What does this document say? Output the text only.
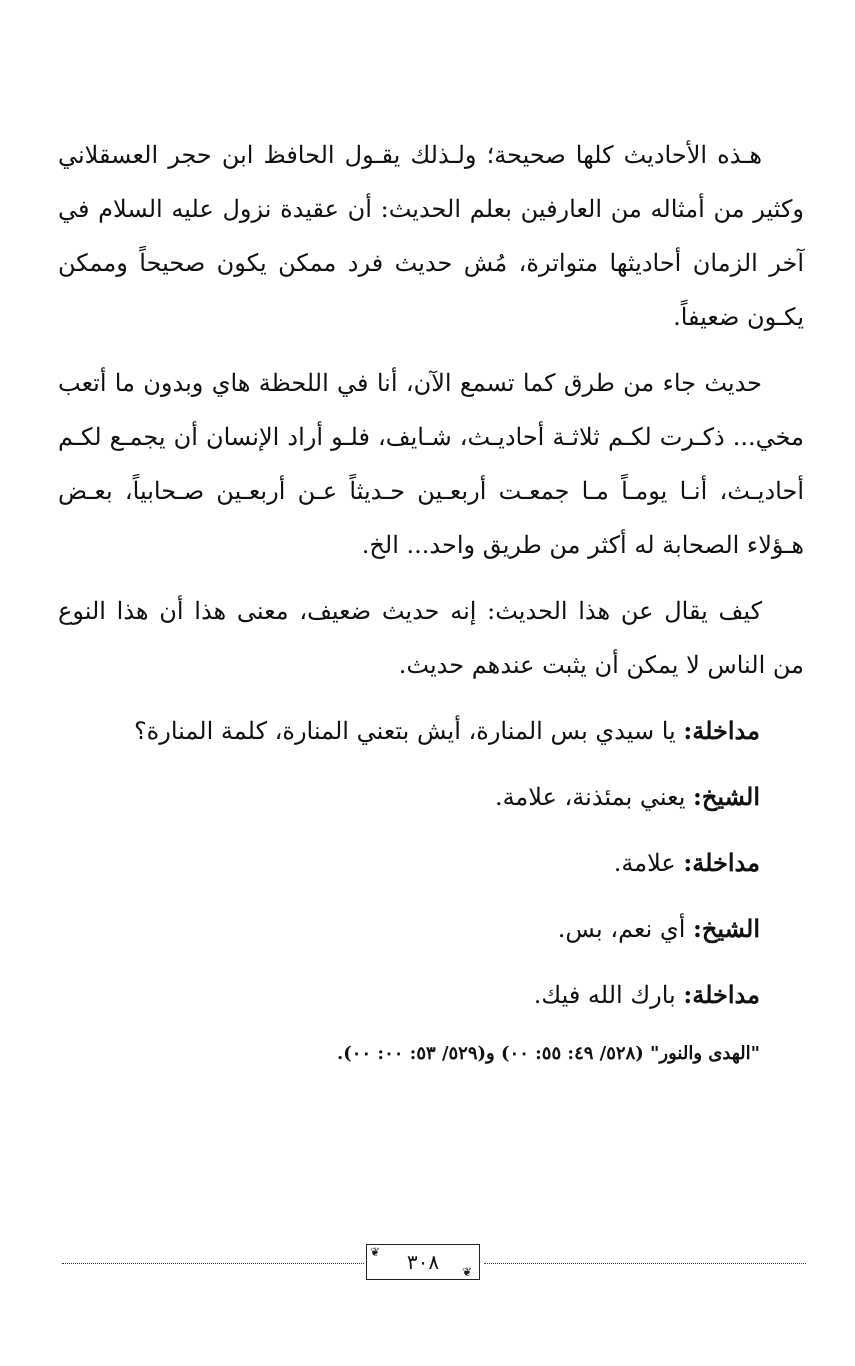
هـذه الأحاديث كلها صحيحة؛ ولـذلك يقـول الحافظ ابن حجر العسقلاني وكثير من أمثاله من العارفين بعلم الحديث: أن عقيدة نزول عليه السلام في آخر الزمان أحاديثها متواترة، مُش حديث فرد ممكن يكون صحيحاً وممكن يكـون ضعيفاً.

حديث جاء من طرق كما تسمع الآن، أنا في اللحظة هاي وبدون ما أتعب مخي... ذكـرت لكـم ثلاثـة أحاديـث، شـايف، فلـو أراد الإنسان أن يجمـع لكـم أحاديـث، أنـا يومـاً مـا جمعـت أربعـين حـديثاً عـن أربعـين صـحابياً، بعـض هـؤلاء الصحابة له أكثر من طريق واحد... الخ.

كيف يقال عن هذا الحديث: إنه حديث ضعيف، معنى هذا أن هذا النوع من الناس لا يمكن أن يثبت عندهم حديث.

مداخلة: يا سيدي بس المنارة، أيش بتعني المنارة، كلمة المنارة؟

الشيخ: يعني بمئذنة، علامة.

مداخلة: علامة.

الشيخ: أي نعم، بس.

مداخلة: بارك الله فيك.

"الهدى والنور" (٥٢٨/ ٤٩: ٥٥: ٠٠) و(٥٢٩/ ٥٣: ٠٠: ٠٠).

٣٠٨
❦
❦
